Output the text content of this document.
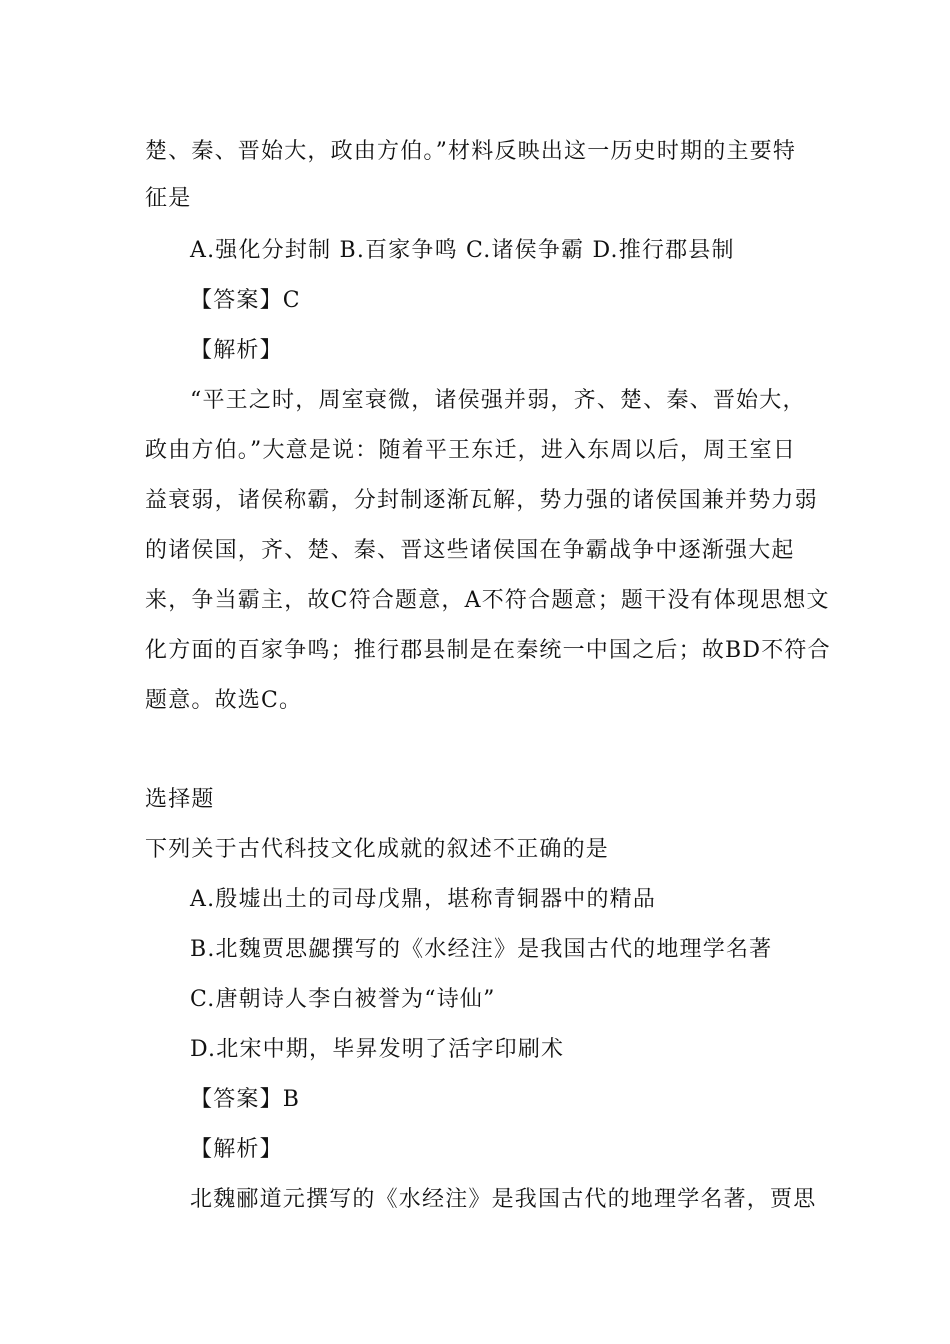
楚、秦、晋始大，政由方伯。”材料反映出这一历史时期的主要特
征是
A.强化分封制 B.百家争鸣 C.诸侯争霸 D.推行郡县制
【答案】C
【解析】
“平王之时，周室衰微，诸侯强并弱，齐、楚、秦、晋始大，
政由方伯。”大意是说：随着平王东迁，进入东周以后，周王室日
益衰弱，诸侯称霸，分封制逐渐瓦解，势力强的诸侯国兼并势力弱
的诸侯国，齐、楚、秦、晋这些诸侯国在争霸战争中逐渐强大起
来，争当霸主，故C符合题意，A不符合题意；题干没有体现思想文
化方面的百家争鸣；推行郡县制是在秦统一中国之后；故BD不符合
题意。故选C。
选择题
下列关于古代科技文化成就的叙述不正确的是
A.殷墟出土的司母戊鼎，堪称青铜器中的精品
B.北魏贾思勰撰写的《水经注》是我国古代的地理学名著
C.唐朝诗人李白被誉为“诗仙”
D.北宋中期，毕昇发明了活字印刷术
【答案】B
【解析】
北魏郦道元撰写的《水经注》是我国古代的地理学名著，贾思
